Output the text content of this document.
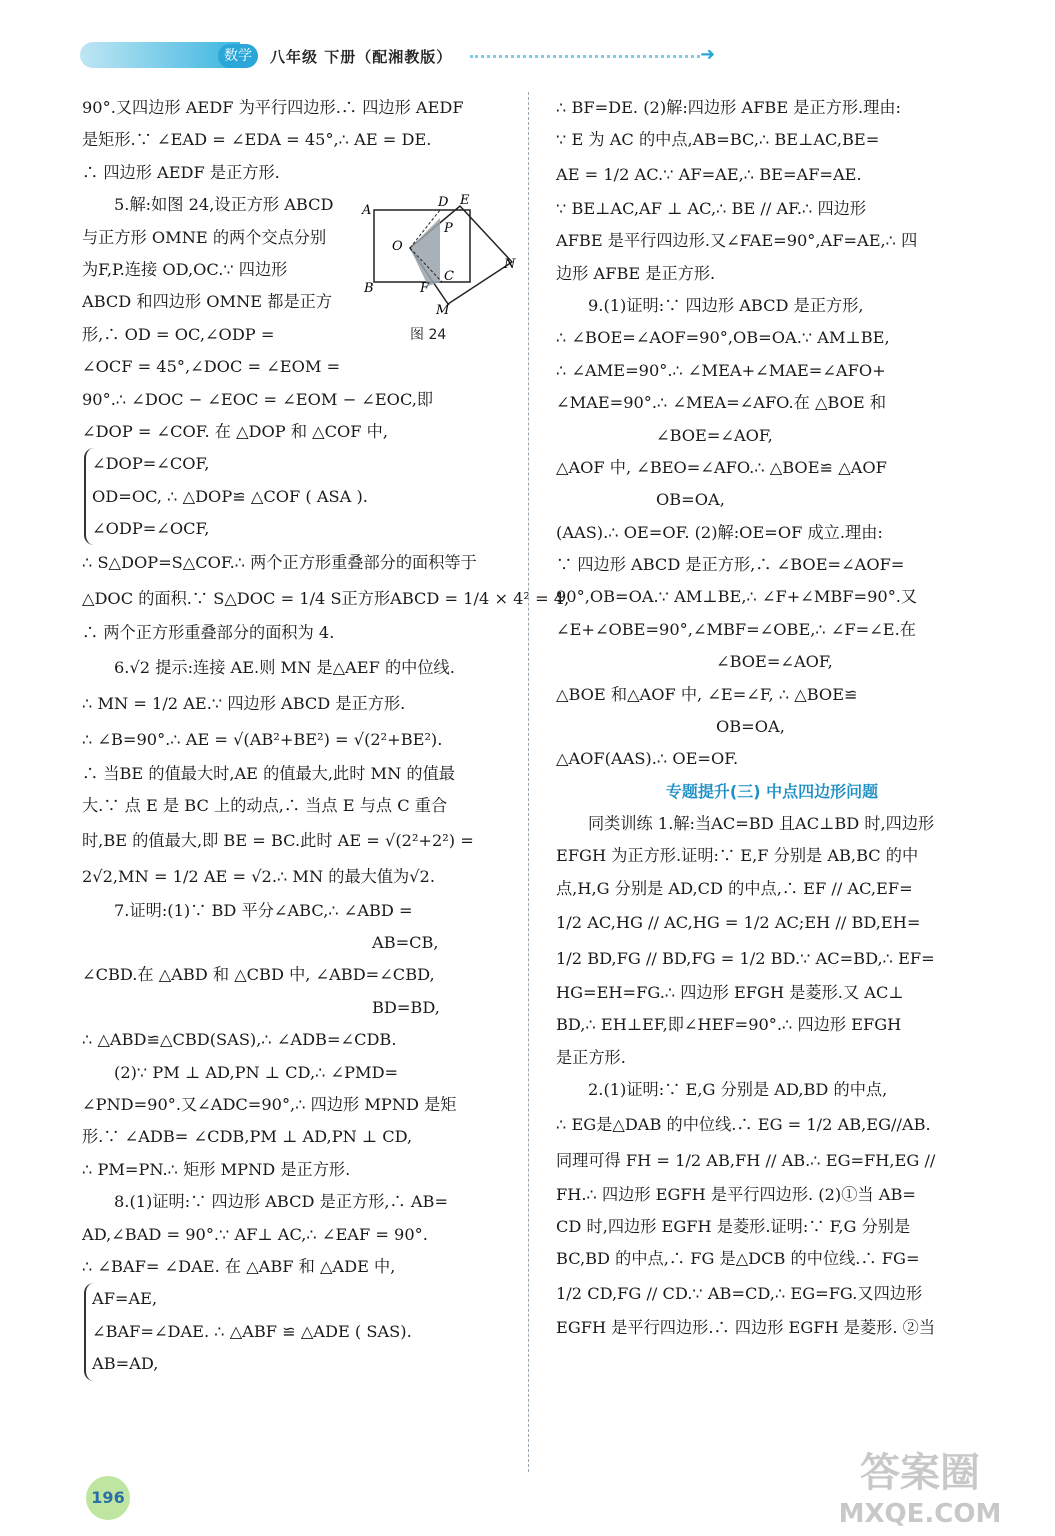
数学	八年级 下册（配湘教版）	➜
90°.又四边形 AEDF 为平行四边形.∴ 四边形 AEDF
是矩形.∵ ∠EAD = ∠EDA = 45°,∴ AE = DE.
∴ 四边形 AEDF 是正方形.
5.解:如图 24,设正方形 ABCD
与正方形 OMNE 的两个交点分别
为F,P.连接 OD,OC.∵ 四边形
ABCD 和四边形 OMNE 都是正方
形,∴ OD = OC,∠ODP =
∠OCF = 45°,∠DOC = ∠EOM =
90°.∴ ∠DOC − ∠EOC = ∠EOM − ∠EOC,即
∠DOP = ∠COF. 在 △DOP 和 △COF 中,
∠DOP=∠COF,
OD=OC, ∴ △DOP≌ △COF ( ASA ).
∠ODP=∠OCF,
∴ S△DOP=S△COF.∴ 两个正方形重叠部分的面积等于
△DOC 的面积.∵ S△DOC = 1/4 S正方形ABCD = 1/4 × 4² = 4,
∴ 两个正方形重叠部分的面积为 4.
6.√2 提示:连接 AE.则 MN 是△AEF 的中位线.
∴ MN = 1/2 AE.∵ 四边形 ABCD 是正方形.
∴ ∠B=90°.∴ AE = √(AB²+BE²) = √(2²+BE²).
∴ 当BE 的值最大时,AE 的值最大,此时 MN 的值最
大.∵ 点 E 是 BC 上的动点,∴ 当点 E 与点 C 重合
时,BE 的值最大,即 BE = BC.此时 AE = √(2²+2²) =
2√2,MN = 1/2 AE = √2.∴ MN 的最大值为√2.
7.证明:(1)∵ BD 平分∠ABC,∴ ∠ABD =
AB=CB,
∠CBD.在 △ABD 和 △CBD 中, ∠ABD=∠CBD,
BD=BD,
∴ △ABD≌△CBD(SAS),∴ ∠ADB=∠CDB.
(2)∵ PM ⊥ AD,PN ⊥ CD,∴ ∠PMD=
∠PND=90°.又∠ADC=90°,∴ 四边形 MPND 是矩
形.∵ ∠ADB= ∠CDB,PM ⊥ AD,PN ⊥ CD,
∴ PM=PN.∴ 矩形 MPND 是正方形.
8.(1)证明:∵ 四边形 ABCD 是正方形,∴ AB=
AD,∠BAD = 90°.∵ AF⊥ AC,∴ ∠EAF = 90°.
∴ ∠BAF= ∠DAE. 在 △ABF 和 △ADE 中,
AF=AE,
∠BAF=∠DAE. ∴ △ABF ≌ △ADE ( SAS).
AB=AD,
A
B
D E
O
P
C
N
F
M
图 24
∴ BF=DE. (2)解:四边形 AFBE 是正方形.理由:
∵ E 为 AC 的中点,AB=BC,∴ BE⊥AC,BE=
AE = 1/2 AC.∵ AF=AE,∴ BE=AF=AE.
∵ BE⊥AC,AF ⊥ AC,∴ BE // AF.∴ 四边形
AFBE 是平行四边形.又∠FAE=90°,AF=AE,∴ 四
边形 AFBE 是正方形.
9.(1)证明:∵ 四边形 ABCD 是正方形,
∴ ∠BOE=∠AOF=90°,OB=OA.∵ AM⊥BE,
∴ ∠AME=90°.∴ ∠MEA+∠MAE=∠AFO+
∠MAE=90°.∴ ∠MEA=∠AFO.在 △BOE 和
∠BOE=∠AOF,
△AOF 中, ∠BEO=∠AFO.∴ △BOE≌ △AOF
OB=OA,
(AAS).∴ OE=OF. (2)解:OE=OF 成立.理由:
∵ 四边形 ABCD 是正方形,∴ ∠BOE=∠AOF=
90°,OB=OA.∵ AM⊥BE,∴ ∠F+∠MBF=90°.又
∠E+∠OBE=90°,∠MBF=∠OBE,∴ ∠F=∠E.在
∠BOE=∠AOF,
△BOE 和△AOF 中, ∠E=∠F, ∴ △BOE≌
OB=OA,
△AOF(AAS).∴ OE=OF.
专题提升(三) 中点四边形问题
同类训练 1.解:当AC=BD 且AC⊥BD 时,四边形
EFGH 为正方形.证明:∵ E,F 分别是 AB,BC 的中
点,H,G 分别是 AD,CD 的中点,∴ EF // AC,EF=
1/2 AC,HG // AC,HG = 1/2 AC;EH // BD,EH=
1/2 BD,FG // BD,FG = 1/2 BD.∵ AC=BD,∴ EF=
HG=EH=FG.∴ 四边形 EFGH 是菱形.又 AC⊥
BD,∴ EH⊥EF,即∠HEF=90°.∴ 四边形 EFGH
是正方形.
2.(1)证明:∵ E,G 分别是 AD,BD 的中点,
∴ EG是△DAB 的中位线.∴ EG = 1/2 AB,EG//AB.
同理可得 FH = 1/2 AB,FH // AB.∴ EG=FH,EG //
FH.∴ 四边形 EGFH 是平行四边形. (2)①当 AB=
CD 时,四边形 EGFH 是菱形.证明:∵ F,G 分别是
BC,BD 的中点,∴ FG 是△DCB 的中位线.∴ FG=
1/2 CD,FG // CD.∵ AB=CD,∴ EG=FG.又四边形
EGFH 是平行四边形.∴ 四边形 EGFH 是菱形. ②当
196
答案圈
MXQE.COM
